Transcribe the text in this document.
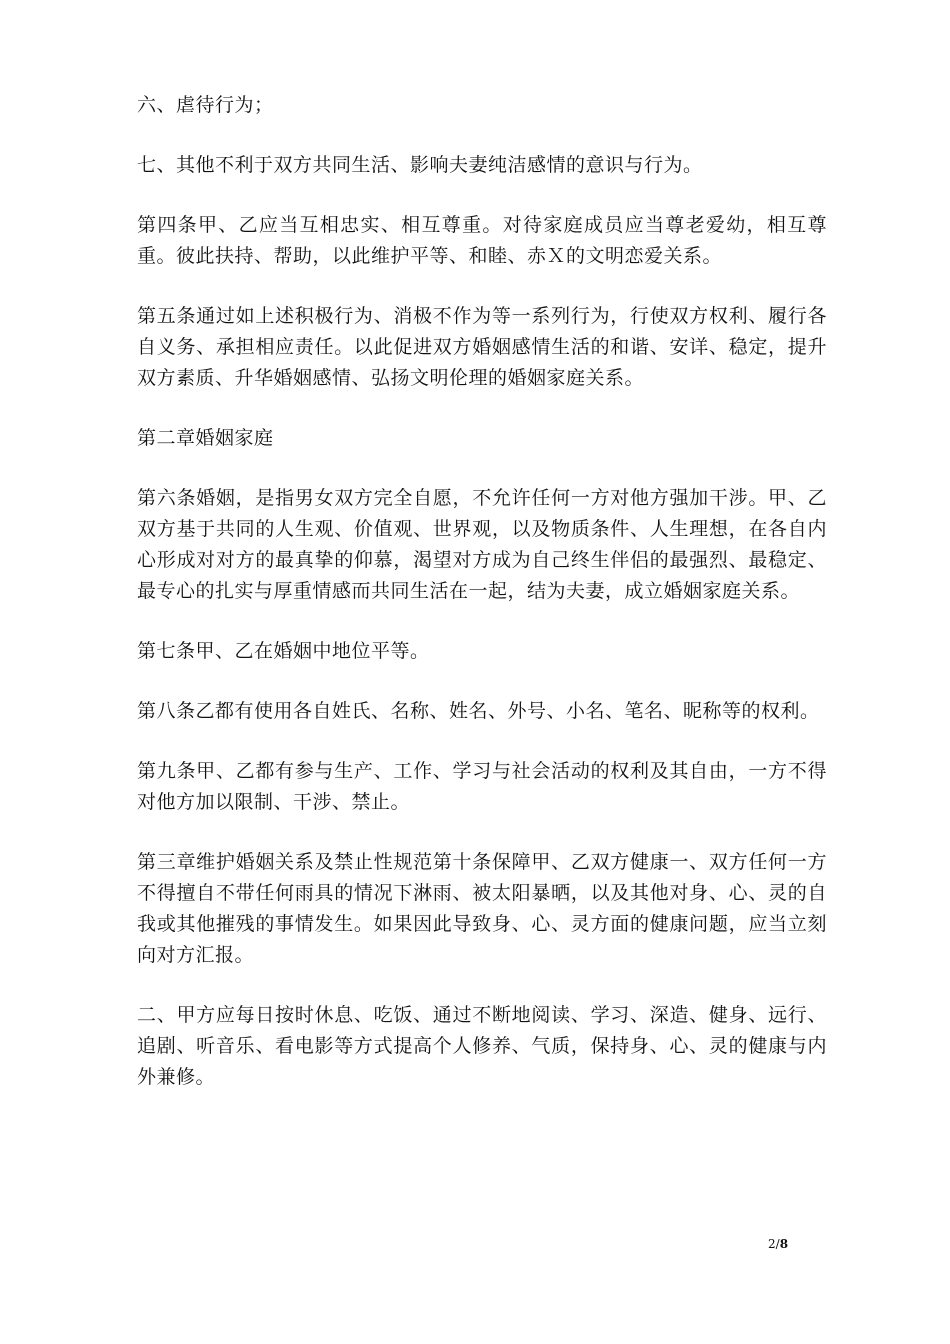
六、虐待行为；

七、其他不利于双方共同生活、影响夫妻纯洁感情的意识与行为。

第四条甲、乙应当互相忠实、相互尊重。对待家庭成员应当尊老爱幼，相互尊重。彼此扶持、帮助，以此维护平等、和睦、赤Ｘ的文明恋爱关系。

第五条通过如上述积极行为、消极不作为等一系列行为，行使双方权利、履行各自义务、承担相应责任。以此促进双方婚姻感情生活的和谐、安详、稳定，提升双方素质、升华婚姻感情、弘扬文明伦理的婚姻家庭关系。

第二章婚姻家庭

第六条婚姻，是指男女双方完全自愿，不允许任何一方对他方强加干涉。甲、乙双方基于共同的人生观、价值观、世界观，以及物质条件、人生理想，在各自内心形成对对方的最真挚的仰慕，渴望对方成为自己终生伴侣的最强烈、最稳定、最专心的扎实与厚重情感而共同生活在一起，结为夫妻，成立婚姻家庭关系。

第七条甲、乙在婚姻中地位平等。

第八条乙都有使用各自姓氏、名称、姓名、外号、小名、笔名、昵称等的权利。

第九条甲、乙都有参与生产、工作、学习与社会活动的权利及其自由，一方不得对他方加以限制、干涉、禁止。

第三章维护婚姻关系及禁止性规范第十条保障甲、乙双方健康一、双方任何一方不得擅自不带任何雨具的情况下淋雨、被太阳暴晒，以及其他对身、心、灵的自我或其他摧残的事情发生。如果因此导致身、心、灵方面的健康问题，应当立刻向对方汇报。

二、甲方应每日按时休息、吃饭、通过不断地阅读、学习、深造、健身、远行、追剧、听音乐、看电影等方式提高个人修养、气质，保持身、心、灵的健康与内外兼修。

2/8
